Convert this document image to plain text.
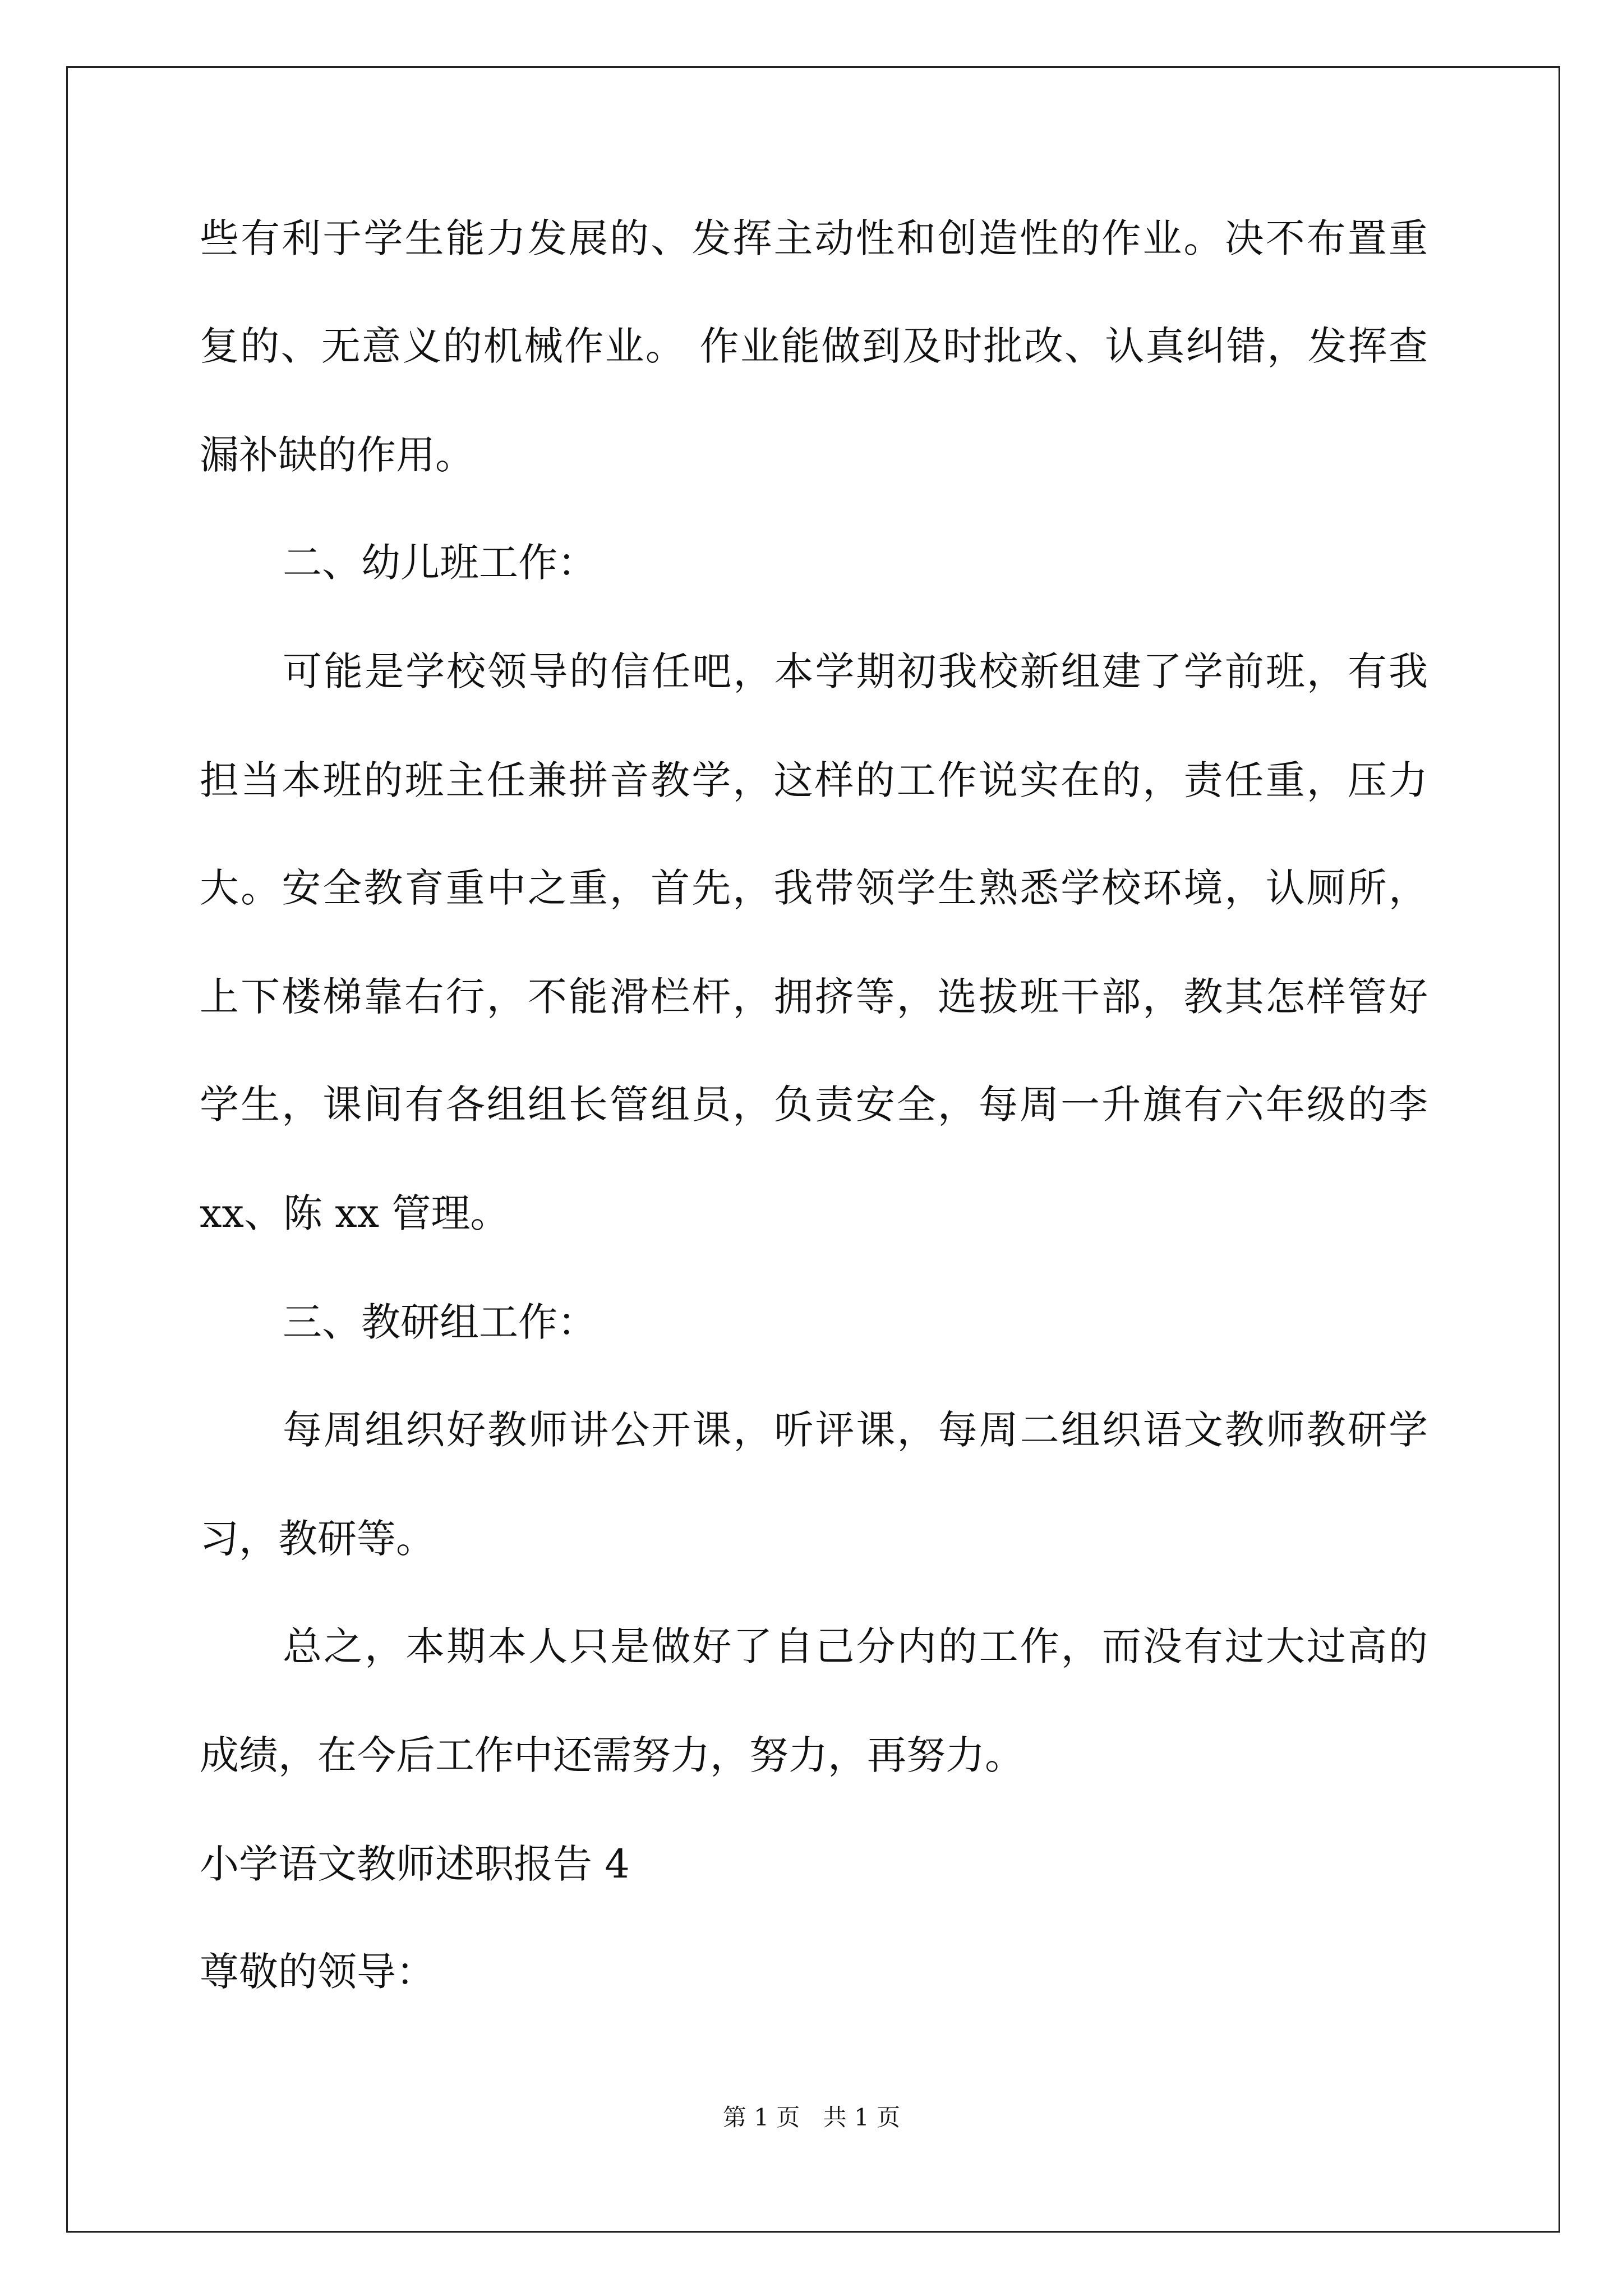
些有利于学生能力发展的、发挥主动性和创造性的作业。决不布置重
复的、无意义的机械作业。 作业能做到及时批改、认真纠错，发挥查
漏补缺的作用。
二、幼儿班工作：
可能是学校领导的信任吧，本学期初我校新组建了学前班，有我
担当本班的班主任兼拼音教学，这样的工作说实在的，责任重，压力
大。安全教育重中之重，首先，我带领学生熟悉学校环境，认厕所，
上下楼梯靠右行，不能滑栏杆，拥挤等，选拔班干部，教其怎样管好
学生，课间有各组组长管组员，负责安全，每周一升旗有六年级的李
xx、陈 xx 管理。
三、教研组工作：
每周组织好教师讲公开课，听评课，每周二组织语文教师教研学
习，教研等。
总之，本期本人只是做好了自己分内的工作，而没有过大过高的
成绩，在今后工作中还需努力，努力，再努力。
小学语文教师述职报告 4
尊敬的领导：
第 1 页 共 1 页
